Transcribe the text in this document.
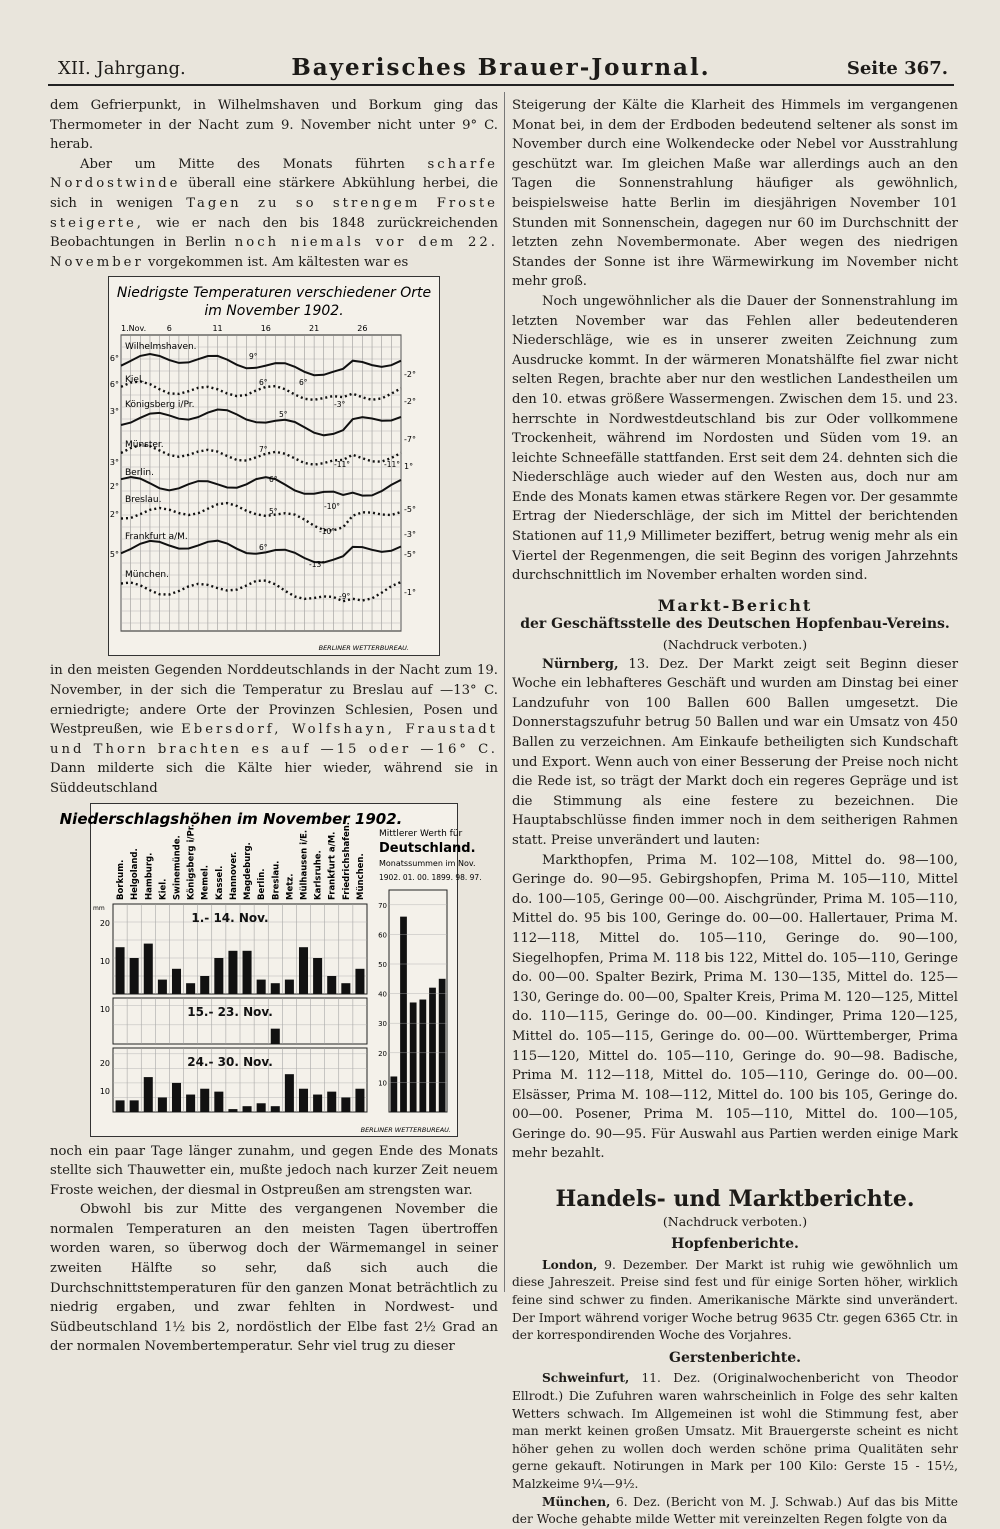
XII. Jahrgang.	Bayerisches Brauer-Journal.	Seite 367.

dem Gefrierpunkt, in Wilhelmshaven und Borkum ging das Thermometer in der Nacht zum 9. November nicht unter 9° C. herab.

Aber um Mitte des Monats führten scharfe Nordostwinde überall eine stärkere Abkühlung herbei, die sich in wenigen Tagen zu so strengem Froste steigerte, wie er nach den bis 1848 zurückreichenden Beobachtungen in Berlin noch niemals vor dem 22. November vorgekommen ist. Am kältesten war es

Niedrigste Temperaturen verschiedener Orte
im November 1902.
1.Nov.	6	11	16	21	26
Wilhelmshaven.
Kiel.
Königsberg i/Pr.
Münster.
Berlin.
Breslau.
Frankfurt a/M.
München.
6°
6°
3°
3°
2°
2°
5°
-2°
-2°
-7°
1°
-5°
-3°
-5°
-1°
9°
6°	6°
5°
7°
6°
5°
6°
-3°
-11°	-11°
-10°
-10°
-13°
-9°
BERLINER WETTERBUREAU.

in den meisten Gegenden Norddeutschlands in der Nacht zum 19. November, in der sich die Temperatur zu Breslau auf —13° C. erniedrigte; andere Orte der Provinzen Schlesien, Posen und Westpreußen, wie Ebersdorf, Wolfshayn, Fraustadt und Thorn brachten es auf —15 oder —16° C. Dann milderte sich die Kälte hier wieder, während sie in Süddeutschland

Niederschlagshöhen im November 1902.
Borkum. Helgoland. Hamburg. Kiel. Swinemünde. Königsberg i/Pr. Memel. Kassel. Hannover. Magdeburg. Berlin. Breslau. Metz. Mülhausen i/E. Karlsruhe. Frankfurt a/M. Friedrichshafen. München.
1.- 14. Nov.
15.- 23. Nov.
24.- 30. Nov.
mm
20
10
10
20
10
70
60
50
40
30
20
10
Mittlerer Werth für
Deutschland.
Monatssummen im Nov.
1902. 01. 00. 1899. 98. 97.
BERLINER WETTERBUREAU.

noch ein paar Tage länger zunahm, und gegen Ende des Monats stellte sich Thauwetter ein, mußte jedoch nach kurzer Zeit neuem Froste weichen, der diesmal in Ostpreußen am strengsten war.

Obwohl bis zur Mitte des vergangenen November die normalen Temperaturen an den meisten Tagen übertroffen worden waren, so überwog doch der Wärmemangel in seiner zweiten Hälfte so sehr, daß sich auch die Durchschnittstemperaturen für den ganzen Monat beträchtlich zu niedrig ergaben, und zwar fehlten in Nordwest- und Südbeutschland 1½ bis 2, nordöstlich der Elbe fast 2½ Grad an der normalen Novembertemperatur. Sehr viel trug zu dieser

Steigerung der Kälte die Klarheit des Himmels im vergangenen Monat bei, in dem der Erdboden bedeutend seltener als sonst im November durch eine Wolkendecke oder Nebel vor Ausstrahlung geschützt war. Im gleichen Maße war allerdings auch an den Tagen die Sonnenstrahlung häufiger als gewöhnlich, beispielsweise hatte Berlin im diesjährigen November 101 Stunden mit Sonnenschein, dagegen nur 60 im Durchschnitt der letzten zehn Novembermonate. Aber wegen des niedrigen Standes der Sonne ist ihre Wärmewirkung im November nicht mehr groß.

Noch ungewöhnlicher als die Dauer der Sonnenstrahlung im letzten November war das Fehlen aller bedeutenderen Niederschläge, wie es in unserer zweiten Zeichnung zum Ausdrucke kommt. In der wärmeren Monatshälfte fiel zwar nicht selten Regen, brachte aber nur den westlichen Landestheilen um den 10. etwas größere Wassermengen. Zwischen dem 15. und 23. herrschte in Nordwestdeutschland bis zur Oder vollkommene Trockenheit, während im Nordosten und Süden vom 19. an leichte Schneefälle stattfanden. Erst seit dem 24. dehnten sich die Niederschläge auch wieder auf den Westen aus, doch nur am Ende des Monats kamen etwas stärkere Regen vor. Der gesammte Ertrag der Niederschläge, der sich im Mittel der berichtenden Stationen auf 11,9 Millimeter beziffert, betrug wenig mehr als ein Viertel der Regenmengen, die seit Beginn des vorigen Jahrzehnts durchschnittlich im November erhalten worden sind.

Markt-Bericht
der Geschäftsstelle des Deutschen Hopfenbau-Vereins.
(Nachdruck verboten.)

Nürnberg, 13. Dez. Der Markt zeigt seit Beginn dieser Woche ein lebhafteres Geschäft und wurden am Dinstag bei einer Landzufuhr von 100 Ballen 600 Ballen umgesetzt. Die Donnerstagszufuhr betrug 50 Ballen und war ein Umsatz von 450 Ballen zu verzeichnen. Am Einkaufe betheiligten sich Kundschaft und Export. Wenn auch von einer Besserung der Preise noch nicht die Rede ist, so trägt der Markt doch ein regeres Gepräge und ist die Stimmung als eine festere zu bezeichnen. Die Hauptabschlüsse finden immer noch in dem seitherigen Rahmen statt. Preise unverändert und lauten:

Markthopfen, Prima M. 102—108, Mittel do. 98—100, Geringe do. 90—95. Gebirgshopfen, Prima M. 105—110, Mittel do. 100—105, Geringe 00—00. Aischgründer, Prima M. 105—110, Mittel do. 95 bis 100, Geringe do. 00—00. Hallertauer, Prima M. 112—118, Mittel do. 105—110, Geringe do. 90—100, Siegelhopfen, Prima M. 118 bis 122, Mittel do. 105—110, Geringe do. 00—00. Spalter Bezirk, Prima M. 130—135, Mittel do. 125—130, Geringe do. 00—00, Spalter Kreis, Prima M. 120—125, Mittel do. 110—115, Geringe do. 00—00. Kindinger, Prima 120—125, Mittel do. 105—115, Geringe do. 00—00. Württemberger, Prima 115—120, Mittel do. 105—110, Geringe do. 90—98. Badische, Prima M. 112—118, Mittel do. 105—110, Geringe do. 00—00. Elsässer, Prima M. 108—112, Mittel do. 100 bis 105, Geringe do. 00—00. Posener, Prima M. 105—110, Mittel do. 100—105, Geringe do. 90—95. Für Auswahl aus Partien werden einige Mark mehr bezahlt.

Handels- und Marktberichte.
(Nachdruck verboten.)
Hopfenberichte.

London, 9. Dezember. Der Markt ist ruhig wie gewöhnlich um diese Jahreszeit. Preise sind fest und für einige Sorten höher, wirklich feine sind schwer zu finden. Amerikanische Märkte sind unverändert. Der Import während voriger Woche betrug 9635 Ctr. gegen 6365 Ctr. in der korrespondirenden Woche des Vorjahres.

Gerstenberichte.

Schweinfurt, 11. Dez. (Originalwochenbericht von Theodor Ellrodt.) Die Zufuhren waren wahrscheinlich in Folge des sehr kalten Wetters schwach. Im Allgemeinen ist wohl die Stimmung fest, aber man merkt keinen großen Umsatz. Mit Brauergerste scheint es nicht höher gehen zu wollen doch werden schöne prima Qualitäten sehr gerne gekauft. Notirungen in Mark per 100 Kilo: Gerste 15 - 15½, Malzkeime 9¼—9½.

München, 6. Dez. (Bericht von M. J. Schwab.) Auf das bis Mitte der Woche gehabte milde Wetter mit vereinzelten Regen folgte von da
